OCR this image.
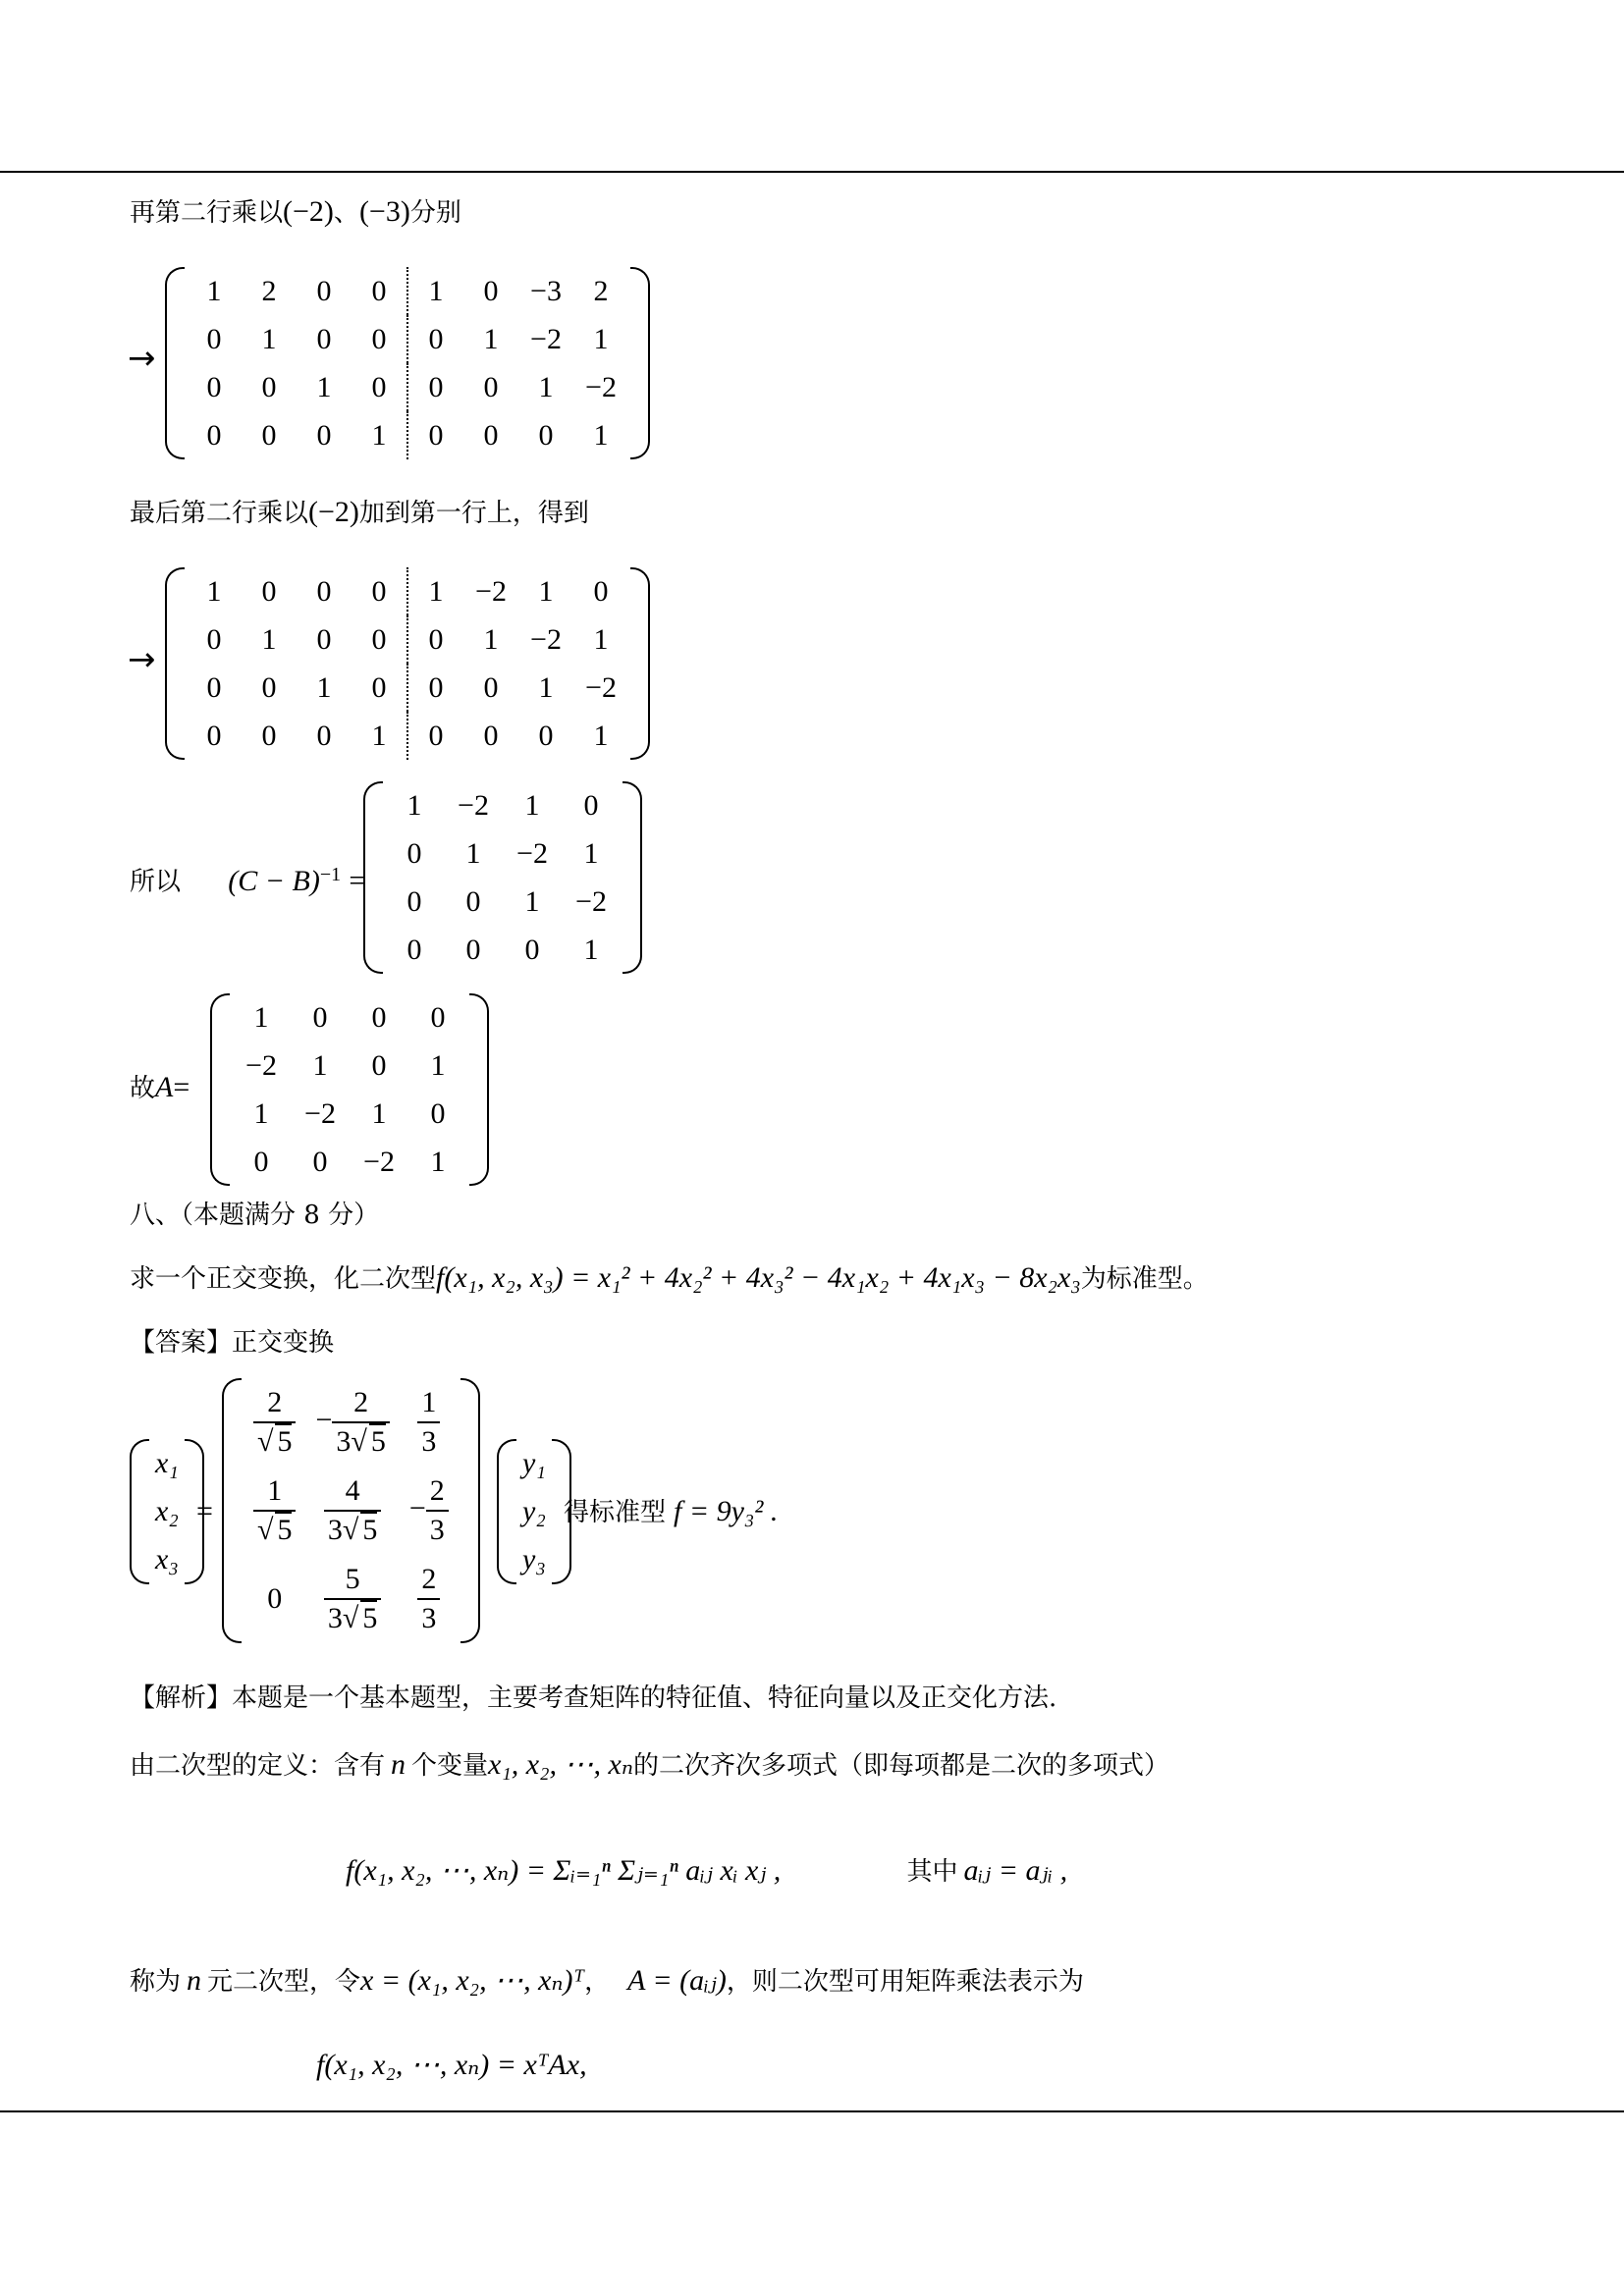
再第二行乘以(−2)、(−3)分别
→
1	2	0	0		1	0	−3	2
0	1	0	0		0	1	−2	1
0	0	1	0		0	0	1	−2
0	0	0	1		0	0	0	1
最后第二行乘以(−2)加到第一行上，得到
→
1	0	0	0		1	−2	1	0
0	1	0	0		0	1	−2	1
0	0	1	0		0	0	1	−2
0	0	0	1		0	0	0	1
所以 $(C - B)^{-1}$ =
1	−2	1	0
0	1	−2	1
0	0	1	−2
0	0	0	1
故A=
1	0	0	0
−2	1	0	1
1	−2	1	0
0	0	−2	1
八、（本题满分 8 分）
求一个正交变换，化二次型f(x₁, x₂, x₃) = x₁² + 4x₂² + 4x₃² − 4x₁x₂ + 4x₁x₃ − 8x₂x₃为标准型。
【答案】正交变换
x₁
x₂
x₃
=
$\frac{2}{√ 5}$	− $\frac{2}{3√ 5}$	$\frac{1}{3}$

$\frac{1}{√ 5}$	$\frac{4}{3√ 5}$	− $\frac{2}{3}$

0	$\frac{5}{3√ 5}$	$\frac{2}{3}$
y₁
y₂
y₃
得标准型 f = 9y₃² .
【解析】本题是一个基本题型，主要考查矩阵的特征值、特征向量以及正交化方法.
由二次型的定义：含有 n 个变量x₁, x₂, ⋯, xₙ的二次齐次多项式（即每项都是二次的多项式）
f(x₁, x₂, ⋯, xₙ) = Σᵢ₌₁ⁿ Σⱼ₌₁ⁿ aᵢⱼ xᵢ xⱼ ,	其中 aᵢⱼ = aⱼᵢ ,
称为 n 元二次型，令x = (x₁, x₂, ⋯, xₙ)ᵀ， A = (aᵢⱼ)，则二次型可用矩阵乘法表示为
f(x₁, x₂, ⋯, xₙ) = xᵀAx,
